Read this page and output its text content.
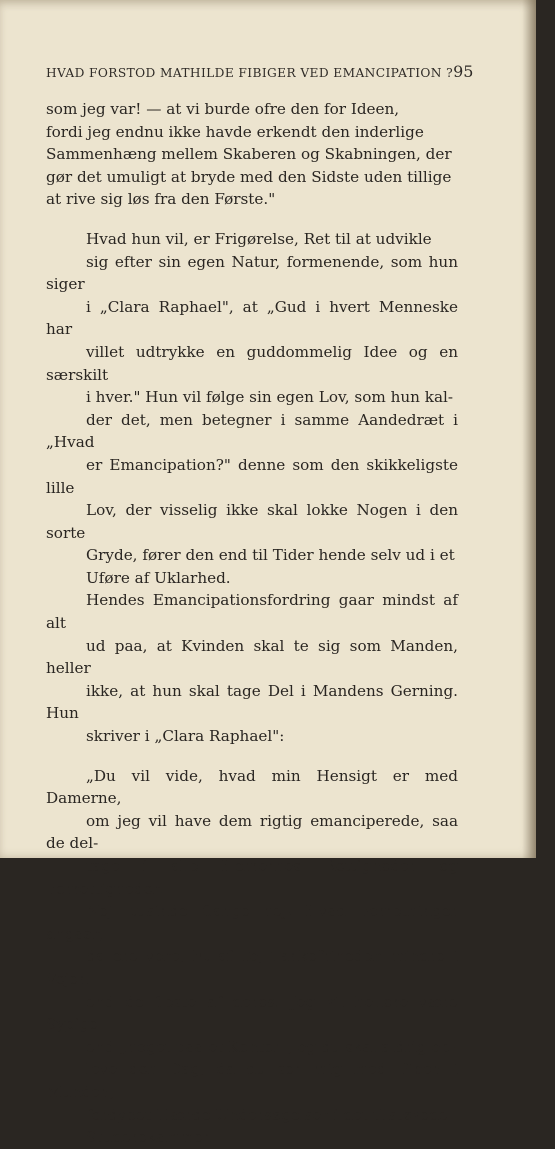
HVAD FORSTOD MATHILDE FIBIGER VED EMANCIPATION ? 95

som jeg var! — at vi burde ofre den for Ideen,
fordi jeg endnu ikke havde erkendt den inderlige
Sammenhæng mellem Skaberen og Skabningen, der
gør det umuligt at bryde med den Sidste uden tillige
at rive sig løs fra den Første."

Hvad hun vil, er Frigørelse, Ret til at udvikle
sig efter sin egen Natur, formenende, som hun siger
i „Clara Raphael", at „Gud i hvert Menneske har
villet udtrykke en guddommelig Idee og en særskilt
i hver." Hun vil følge sin egen Lov, som hun kal-
der det, men betegner i samme Aandedræt i „Hvad
er Emancipation?" denne som den skikkeligste lille
Lov, der visselig ikke skal lokke Nogen i den sorte
Gryde, fører den end til Tider hende selv ud i et
Uføre af Uklarhed.

Hendes Emancipationsfordring gaar mindst af alt
ud paa, at Kvinden skal te sig som Manden, heller
ikke, at hun skal tage Del i Mandens Gerning. Hun
skriver i „Clara Raphael":

„Du vil vide, hvad min Hensigt er med Damerne,
om jeg vil have dem rigtig emanciperede, saa de del-
tage i alle Herrernes Rettigheder og Forrettigheder.
Nej, tusinde Gange nej! Hvad Forretninger angaar,
da ere vore, Et af To, Tankefriheden mindre i Vejen
end de fleste af deres. Jeg vil hellere være Sypige
end „noget paa et Kontor", og du skal aldrig op-
leve den Dag, da du ser mig med Piben i Munden,
fordybet i lærde Undersøgelser i det tilstøvede
Studerekammer."
